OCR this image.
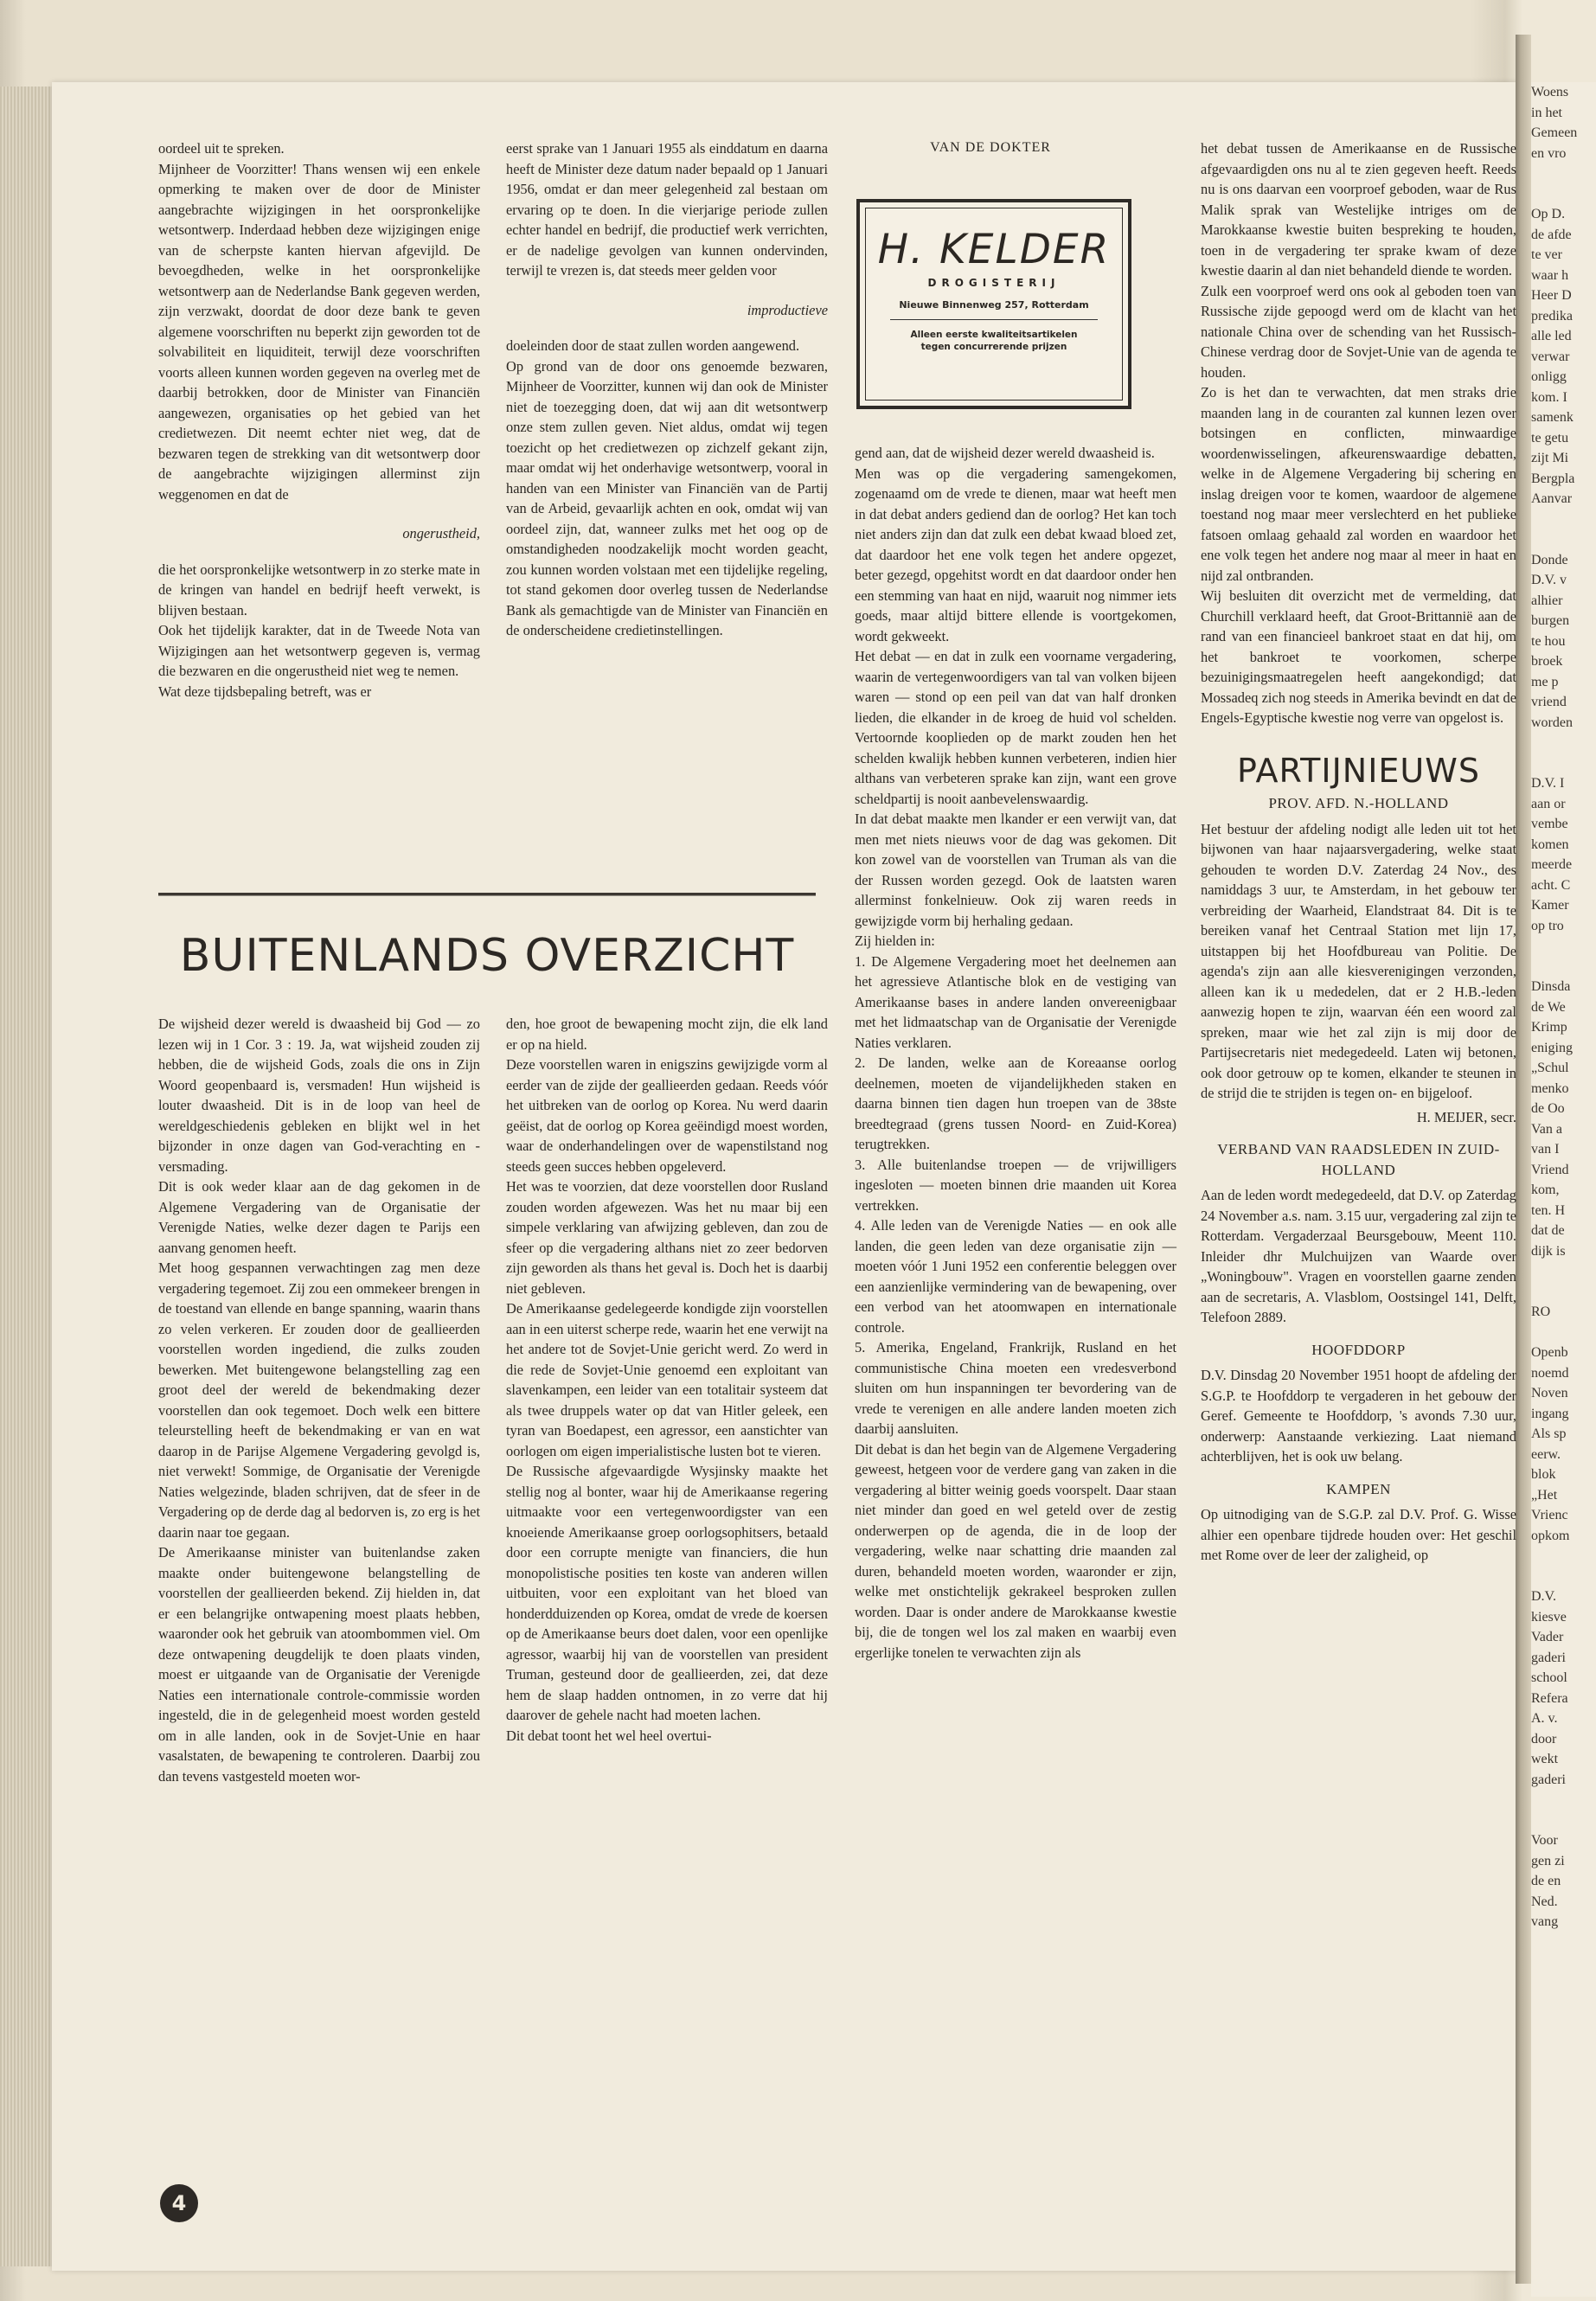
oordeel uit te spreken.

Mijnheer de Voorzitter! Thans wensen wij een enkele opmerking te maken over de door de Minister aangebrachte wijzigingen in het oorspronkelijke wetsontwerp. Inderdaad hebben deze wijzigingen enige van de scherpste kanten hiervan afgevijld. De bevoegdheden, welke in het oorspronkelijke wetsontwerp aan de Nederlandse Bank gegeven werden, zijn verzwakt, doordat de door deze bank te geven algemene voorschriften nu beperkt zijn geworden tot de solvabiliteit en liquiditeit, terwijl deze voorschriften voorts alleen kunnen worden gegeven na overleg met de daarbij betrokken, door de Minister van Financiën aangewezen, organisaties op het gebied van het credietwezen. Dit neemt echter niet weg, dat de bezwaren tegen de strekking van dit wetsontwerp door de aangebrachte wijzigingen allerminst zijn weggenomen en dat de

ongerustheid,

die het oorspronkelijke wetsontwerp in zo sterke mate in de kringen van handel en bedrijf heeft verwekt, is blijven bestaan.

Ook het tijdelijk karakter, dat in de Tweede Nota van Wijzigingen aan het wetsontwerp gegeven is, vermag die bezwaren en die ongerustheid niet weg te nemen.

Wat deze tijdsbepaling betreft, was er

eerst sprake van 1 Januari 1955 als einddatum en daarna heeft de Minister deze datum nader bepaald op 1 Januari 1956, omdat er dan meer gelegenheid zal bestaan om ervaring op te doen. In die vierjarige periode zullen echter handel en bedrijf, die productief werk verrichten, er de nadelige gevolgen van kunnen ondervinden, terwijl te vrezen is, dat steeds meer gelden voor

improductieve

doeleinden door de staat zullen worden aangewend.

Op grond van de door ons genoemde bezwaren, Mijnheer de Voorzitter, kunnen wij dan ook de Minister niet de toezegging doen, dat wij aan dit wetsontwerp onze stem zullen geven. Niet aldus, omdat wij tegen toezicht op het credietwezen op zichzelf gekant zijn, maar omdat wij het onderhavige wetsontwerp, vooral in handen van een Minister van Financiën van de Partij van de Arbeid, gevaarlijk achten en ook, omdat wij van oordeel zijn, dat, wanneer zulks met het oog op de omstandigheden noodzakelijk mocht worden geacht, zou kunnen worden volstaan met een tijdelijke regeling, tot stand gekomen door overleg tussen de Nederlandse Bank als gemachtigde van de Minister van Financiën en de onderscheidene credietinstellingen.

BUITENLANDS OVERZICHT

De wijsheid dezer wereld is dwaasheid bij God — zo lezen wij in 1 Cor. 3 : 19. Ja, wat wijsheid zouden zij hebben, die de wijsheid Gods, zoals die ons in Zijn Woord geopenbaard is, versmaden! Hun wijsheid is louter dwaasheid. Dit is in de loop van heel de wereldgeschiedenis gebleken en blijkt wel in het bijzonder in onze dagen van God-verachting en -versmading.

Dit is ook weder klaar aan de dag gekomen in de Algemene Vergadering van de Organisatie der Verenigde Naties, welke dezer dagen te Parijs een aanvang genomen heeft.

Met hoog gespannen verwachtingen zag men deze vergadering tegemoet. Zij zou een ommekeer brengen in de toestand van ellende en bange spanning, waarin thans zo velen verkeren. Er zouden door de geallieerden voorstellen worden ingediend, die zulks zouden bewerken. Met buitengewone belangstelling zag een groot deel der wereld de bekendmaking dezer voorstellen dan ook tegemoet. Doch welk een bittere teleurstelling heeft de bekendmaking er van en wat daarop in de Parijse Algemene Vergadering gevolgd is, niet verwekt! Sommige, de Organisatie der Verenigde Naties welgezinde, bladen schrijven, dat de sfeer in de Vergadering op de derde dag al bedorven is, zo erg is het daarin naar toe gegaan.

De Amerikaanse minister van buitenlandse zaken maakte onder buitengewone belangstelling de voorstellen der geallieerden bekend. Zij hielden in, dat er een belangrijke ontwapening moest plaats hebben, waaronder ook het gebruik van atoombommen viel. Om deze ontwapening deugdelijk te doen plaats vinden, moest er uitgaande van de Organisatie der Verenigde Naties een internationale controle-commissie worden ingesteld, die in de gelegenheid moest worden gesteld om in alle landen, ook in de Sovjet-Unie en haar vasalstaten, de bewapening te controleren. Daarbij zou dan tevens vastgesteld moeten wor-

den, hoe groot de bewapening mocht zijn, die elk land er op na hield.

Deze voorstellen waren in enigszins gewijzigde vorm al eerder van de zijde der geallieerden gedaan. Reeds vóór het uitbreken van de oorlog op Korea. Nu werd daarin geëist, dat de oorlog op Korea geëindigd moest worden, waar de onderhandelingen over de wapenstilstand nog steeds geen succes hebben opgeleverd.

Het was te voorzien, dat deze voorstellen door Rusland zouden worden afgewezen. Was het nu maar bij een simpele verklaring van afwijzing gebleven, dan zou de sfeer op die vergadering althans niet zo zeer bedorven zijn geworden als thans het geval is. Doch het is daarbij niet gebleven.

De Amerikaanse gedelegeerde kondigde zijn voorstellen aan in een uiterst scherpe rede, waarin het ene verwijt na het andere tot de Sovjet-Unie gericht werd. Zo werd in die rede de Sovjet-Unie genoemd een exploitant van slavenkampen, een leider van een totalitair systeem dat als twee druppels water op dat van Hitler geleek, een tyran van Boedapest, een agressor, een aanstichter van oorlogen om eigen imperialistische lusten bot te vieren.

De Russische afgevaardigde Wysjinsky maakte het stellig nog al bonter, waar hij de Amerikaanse regering uitmaakte voor een vertegenwoordigster van een knoeiende Amerikaanse groep oorlogsophitsers, betaald door een corrupte menigte van financiers, die hun monopolistische posities ten koste van anderen willen uitbuiten, voor een exploitant van het bloed van honderdduizenden op Korea, omdat de vrede de koersen op de Amerikaanse beurs doet dalen, voor een openlijke agressor, waarbij hij van de voorstellen van president Truman, gesteund door de geallieerden, zei, dat deze hem de slaap hadden ontnomen, in zo verre dat hij daarover de gehele nacht had moeten lachen.

Dit debat toont het wel heel overtui-

VAN DE DOKTER
H. KELDER
DROGISTERIJ
Nieuwe Binnenweg 257, Rotterdam
Alleen eerste kwaliteitsartikelen
tegen concurrerende prijzen

gend aan, dat de wijsheid dezer wereld dwaasheid is.

Men was op die vergadering samengekomen, zogenaamd om de vrede te dienen, maar wat heeft men in dat debat anders gediend dan de oorlog? Het kan toch niet anders zijn dan dat zulk een debat kwaad bloed zet, dat daardoor het ene volk tegen het andere opgezet, beter gezegd, opgehitst wordt en dat daardoor onder hen een stemming van haat en nijd, waaruit nog nimmer iets goeds, maar altijd bittere ellende is voortgekomen, wordt gekweekt.

Het debat — en dat in zulk een voorname vergadering, waarin de vertegenwoordigers van tal van volken bijeen waren — stond op een peil van dat van half dronken lieden, die elkander in de kroeg de huid vol schelden. Vertoornde kooplieden op de markt zouden hen het schelden kwalijk hebben kunnen verbeteren, indien hier althans van verbeteren sprake kan zijn, want een grove scheldpartij is nooit aanbevelenswaardig.

In dat debat maakte men lkander er een verwijt van, dat men met niets nieuws voor de dag was gekomen. Dit kon zowel van de voorstellen van Truman als van die der Russen worden gezegd. Ook de laatsten waren allerminst fonkelnieuw. Ook zij waren reeds in gewijzigde vorm bij herhaling gedaan.

Zij hielden in:

1. De Algemene Vergadering moet het deelnemen aan het agressieve Atlantische blok en de vestiging van Amerikaanse bases in andere landen onvereenigbaar met het lidmaatschap van de Organisatie der Verenigde Naties verklaren.

2. De landen, welke aan de Koreaanse oorlog deelnemen, moeten de vijandelijkheden staken en daarna binnen tien dagen hun troepen van de 38ste breedtegraad (grens tussen Noord- en Zuid-Korea) terugtrekken.

3. Alle buitenlandse troepen — de vrijwilligers ingesloten — moeten binnen drie maanden uit Korea vertrekken.

4. Alle leden van de Verenigde Naties — en ook alle landen, die geen leden van deze organisatie zijn — moeten vóór 1 Juni 1952 een conferentie beleggen over een aanzienlijke vermindering van de bewapening, over een verbod van het atoomwapen en internationale controle.

5. Amerika, Engeland, Frankrijk, Rusland en het communistische China moeten een vredesverbond sluiten om hun inspanningen ter bevordering van de vrede te verenigen en alle andere landen moeten zich daarbij aansluiten.

Dit debat is dan het begin van de Algemene Vergadering geweest, hetgeen voor de verdere gang van zaken in die vergadering al bitter weinig goeds voorspelt. Daar staan niet minder dan goed en wel geteld over de zestig onderwerpen op de agenda, die in de loop der vergadering, welke naar schatting drie maanden zal duren, behandeld moeten worden, waaronder er zijn, welke met onstichtelijk gekrakeel besproken zullen worden. Daar is onder andere de Marokkaanse kwestie bij, die de tongen wel los zal maken en waarbij even ergerlijke tonelen te verwachten zijn als

het debat tussen de Amerikaanse en de Russische afgevaardigden ons nu al te zien gegeven heeft. Reeds nu is ons daarvan een voorproef geboden, waar de Rus Malik sprak van Westelijke intriges om de Marokkaanse kwestie buiten bespreking te houden, toen in de vergadering ter sprake kwam of deze kwestie daarin al dan niet behandeld diende te worden.

Zulk een voorproef werd ons ook al geboden toen van Russische zijde gepoogd werd om de klacht van het nationale China over de schending van het Russisch-Chinese verdrag door de Sovjet-Unie van de agenda te houden.

Zo is het dan te verwachten, dat men straks drie maanden lang in de couranten zal kunnen lezen over botsingen en conflicten, minwaardige woordenwisselingen, afkeurenswaardige debatten, welke in de Algemene Vergadering bij schering en inslag dreigen voor te komen, waardoor de algemene toestand nog maar meer verslechterd en het publieke fatsoen omlaag gehaald zal worden en waardoor het ene volk tegen het andere nog maar al meer in haat en nijd zal ontbranden.

Wij besluiten dit overzicht met de vermelding, dat Churchill verklaard heeft, dat Groot-Brittannië aan de rand van een financieel bankroet staat en dat hij, om het bankroet te voorkomen, scherpe bezuinigingsmaatregelen heeft aangekondigd; dat Mossadeq zich nog steeds in Amerika bevindt en dat de Engels-Egyptische kwestie nog verre van opgelost is.

PARTIJNIEUWS

PROV. AFD. N.-HOLLAND

Het bestuur der afdeling nodigt alle leden uit tot het bijwonen van haar najaarsvergadering, welke staat gehouden te worden D.V. Zaterdag 24 Nov., des namiddags 3 uur, te Amsterdam, in het gebouw ter verbreiding der Waarheid, Elandstraat 84. Dit is te bereiken vanaf het Centraal Station met lijn 17, uitstappen bij het Hoofdbureau van Politie. De agenda's zijn aan alle kiesverenigingen verzonden, alleen kan ik u mededelen, dat er 2 H.B.-leden aanwezig hopen te zijn, waarvan één een woord zal spreken, maar wie het zal zijn is mij door de Partijsecretaris niet medegedeeld. Laten wij betonen, ook door getrouw op te komen, elkander te steunen in de strijd die te strijden is tegen on- en bijgeloof.

H. MEIJER, secr.

VERBAND VAN RAADSLEDEN IN ZUID-HOLLAND

Aan de leden wordt medegedeeld, dat D.V. op Zaterdag 24 November a.s. nam. 3.15 uur, vergadering zal zijn te Rotterdam. Vergaderzaal Beursgebouw, Meent 110. Inleider dhr Mulchuijzen van Waarde over „Woningbouw". Vragen en voorstellen gaarne zenden aan de secretaris, A. Vlasblom, Oostsingel 141, Delft, Telefoon 2889.

HOOFDDORP

D.V. Dinsdag 20 November 1951 hoopt de afdeling der S.G.P. te Hoofddorp te vergaderen in het gebouw der Geref. Gemeente te Hoofddorp, 's avonds 7.30 uur, onderwerp: Aanstaande verkiezing. Laat niemand achterblijven, het is ook uw belang.

KAMPEN

Op uitnodiging van de S.G.P. zal D.V. Prof. G. Wisse alhier een openbare tijdrede houden over: Het geschil met Rome over de leer der zaligheid, op

Woens

in het

Gemeen

en vro

Op D.

de afde

te ver

waar h

Heer D

predika

alle led

verwar

onligg

kom. I

samenk

te getu

zijt Mi

Bergpla

Aanvar

Donde

D.V. v

alhier

burgen

te hou

broek

me p

vriend

worden

D.V. I

aan or

vembe

komen

meerde

acht. C

Kamer

op tro

Dinsda

de We

Krimp

eniging

„Schul

menko

de Oo

Van a

van I

Vriend

kom,

ten. H

dat de

dijk is

RO

Openb

noemd

Noven

ingang

Als sp

eerw.

blok

„Het

Vrienc

opkom

D.V.

kiesve

Vader

gaderi

school

Refera

A. v.

door

wekt

gaderi

Voor

gen zi

de en

Ned.

vang

4
